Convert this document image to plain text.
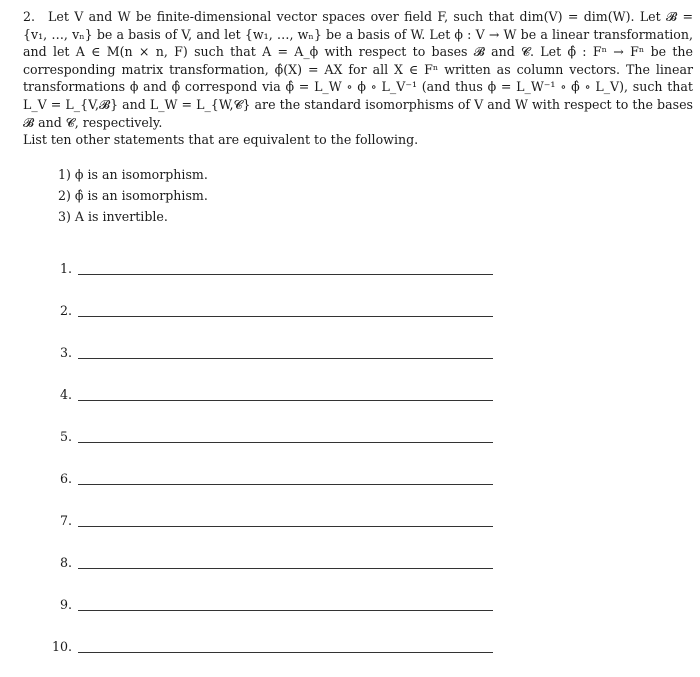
2. Let V and W be finite-dimensional vector spaces over field F, such that dim(V) = dim(W). Let 𝓑 = {v₁, …, vₙ} be a basis of V, and let {w₁, …, wₙ} be a basis of W. Let ϕ : V → W be a linear transformation, and let A ∈ M(n × n, F) such that A = A_ϕ with respect to bases 𝓑 and 𝓒. Let ϕ̂ : Fⁿ → Fⁿ be the corresponding matrix transformation, ϕ̂(X) = AX for all X ∈ Fⁿ written as column vectors. The linear transformations ϕ and ϕ̂ correspond via ϕ̂ = L_W ∘ ϕ ∘ L_V⁻¹ (and thus ϕ = L_W⁻¹ ∘ ϕ̂ ∘ L_V), such that L_V = L_{V,𝓑} and L_W = L_{W,𝓒} are the standard isomorphisms of V and W with respect to the bases 𝓑 and 𝓒, respectively.
List ten other statements that are equivalent to the following.
1) ϕ is an isomorphism.
2) ϕ̂ is an isomorphism.
3) A is invertible.
1.
2.
3.
4.
5.
6.
7.
8.
9.
10.
